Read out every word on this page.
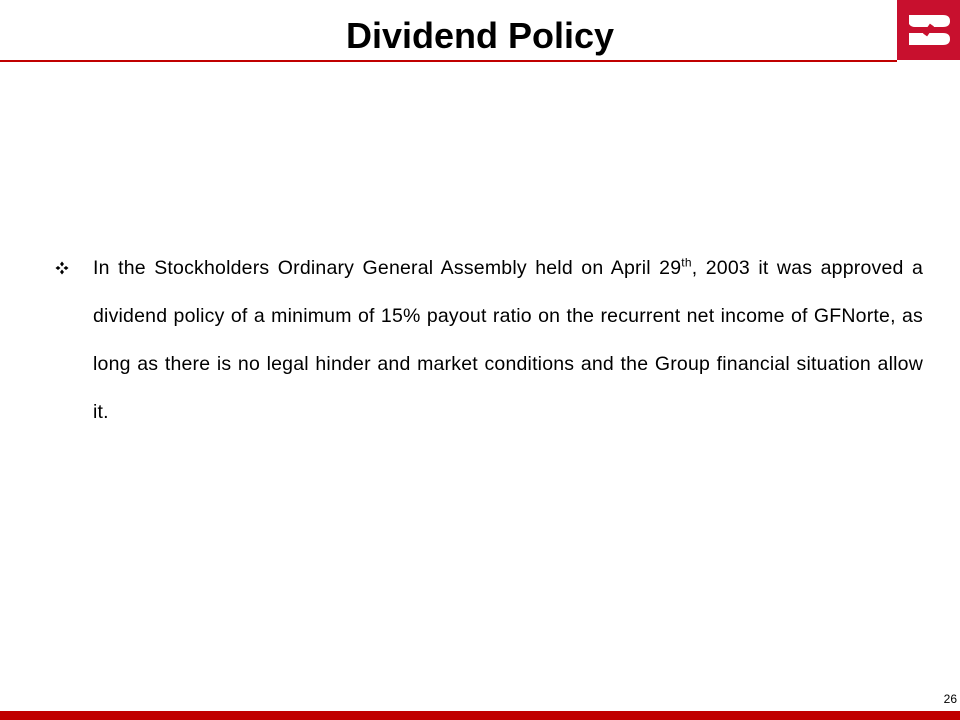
Dividend Policy

In the Stockholders Ordinary General Assembly held on April 29th, 2003 it was approved a dividend policy of a minimum of 15% payout ratio on the recurrent net income of GFNorte, as long as there is no legal hinder and market conditions and the Group financial situation allow it.

26
